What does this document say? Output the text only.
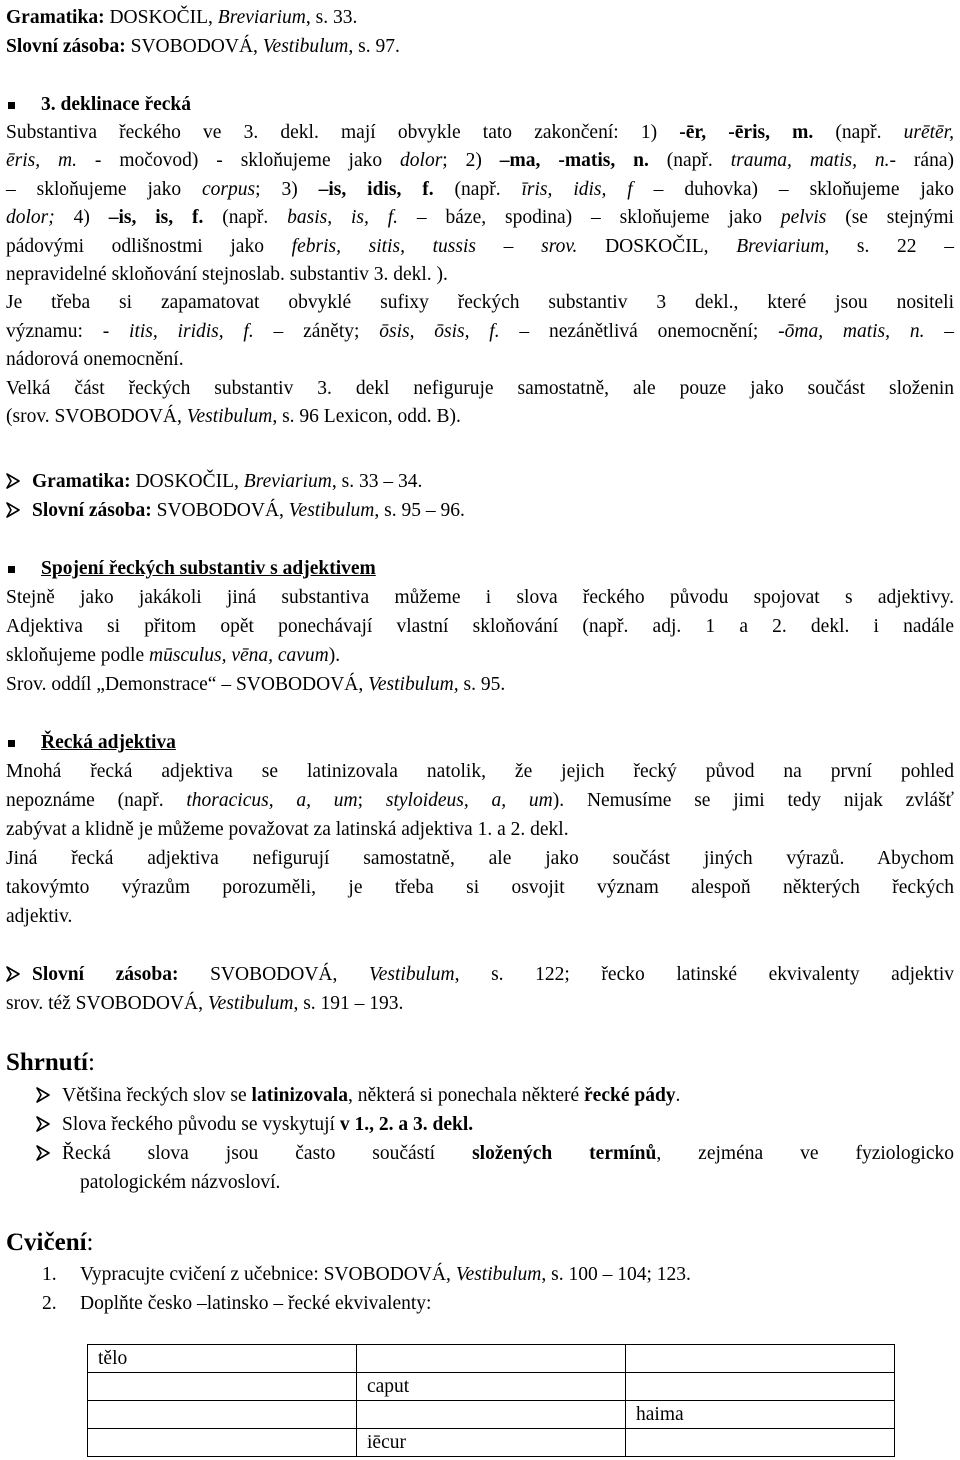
Gramatika: DOSKOČIL, Breviarium, s. 33.
Slovní zásoba: SVOBODOVÁ, Vestibulum, s. 97.
3. deklinace řecká
Substantiva řeckého ve 3. dekl. mají obvykle tato zakončení: 1) -ēr, -ēris, m. (např. urētēr,
ēris, m. - močovod) - skloňujeme jako dolor; 2) –ma, -matis, n. (např. trauma, matis, n.- rána)
– skloňujeme jako corpus; 3) –is, idis, f. (např. īris, idis, f – duhovka) – skloňujeme jako
dolor; 4) –is, is, f. (např. basis, is, f. – báze, spodina) – skloňujeme jako pelvis (se stejnými
pádovými odlišnostmi jako febris, sitis, tussis – srov. DOSKOČIL, Breviarium, s. 22 –
nepravidelné skloňování stejnoslab. substantiv 3. dekl. ).
Je třeba si zapamatovat obvyklé sufixy řeckých substantiv 3 dekl., které jsou nositeli
významu: - itis, iridis, f. – záněty; ōsis, ōsis, f. – nezánětlivá onemocnění; -ōma, matis, n. –
nádorová onemocnění.
Velká část řeckých substantiv 3. dekl nefiguruje samostatně, ale pouze jako součást složenin
(srov. SVOBODOVÁ, Vestibulum, s. 96 Lexicon, odd. B).
Gramatika: DOSKOČIL, Breviarium, s. 33 – 34.
Slovní zásoba: SVOBODOVÁ, Vestibulum, s. 95 – 96.
Spojení řeckých substantiv s adjektivem
Stejně jako jakákoli jiná substantiva můžeme i slova řeckého původu spojovat s adjektivy.
Adjektiva si přitom opět ponechávají vlastní skloňování (např. adj. 1 a 2. dekl. i nadále
skloňujeme podle mūsculus, vēna, cavum).
Srov. oddíl „Demonstrace“ – SVOBODOVÁ, Vestibulum, s. 95.
Řecká adjektiva
Mnohá řecká adjektiva se latinizovala natolik, že jejich řecký původ na první pohled
nepoznáme (např. thoracicus, a, um; styloideus, a, um). Nemusíme se jimi tedy nijak zvlášť
zabývat a klidně je můžeme považovat za latinská adjektiva 1. a 2. dekl.
Jiná řecká adjektiva nefigurují samostatně, ale jako součást jiných výrazů. Abychom
takovýmto výrazům porozuměli, je třeba si osvojit význam alespoň některých řeckých
adjektiv.
Slovní zásoba: SVOBODOVÁ, Vestibulum, s. 122; řecko latinské ekvivalenty adjektiv
srov. též SVOBODOVÁ, Vestibulum, s. 191 – 193.
Shrnutí:
Většina řeckých slov se latinizovala, některá si ponechala některé řecké pády.
Slova řeckého původu se vyskytují v 1., 2. a 3. dekl.
Řecká slova jsou často součástí složených termínů, zejména ve fyziologicko
patologickém názvosloví.
Cvičení:
1. Vypracujte cvičení z učebnice: SVOBODOVÁ, Vestibulum, s. 100 – 104; 123.
2. Doplňte česko –latinsko – řecké ekvivalenty:
tělo		
	caput	
		haima
	iēcur	
